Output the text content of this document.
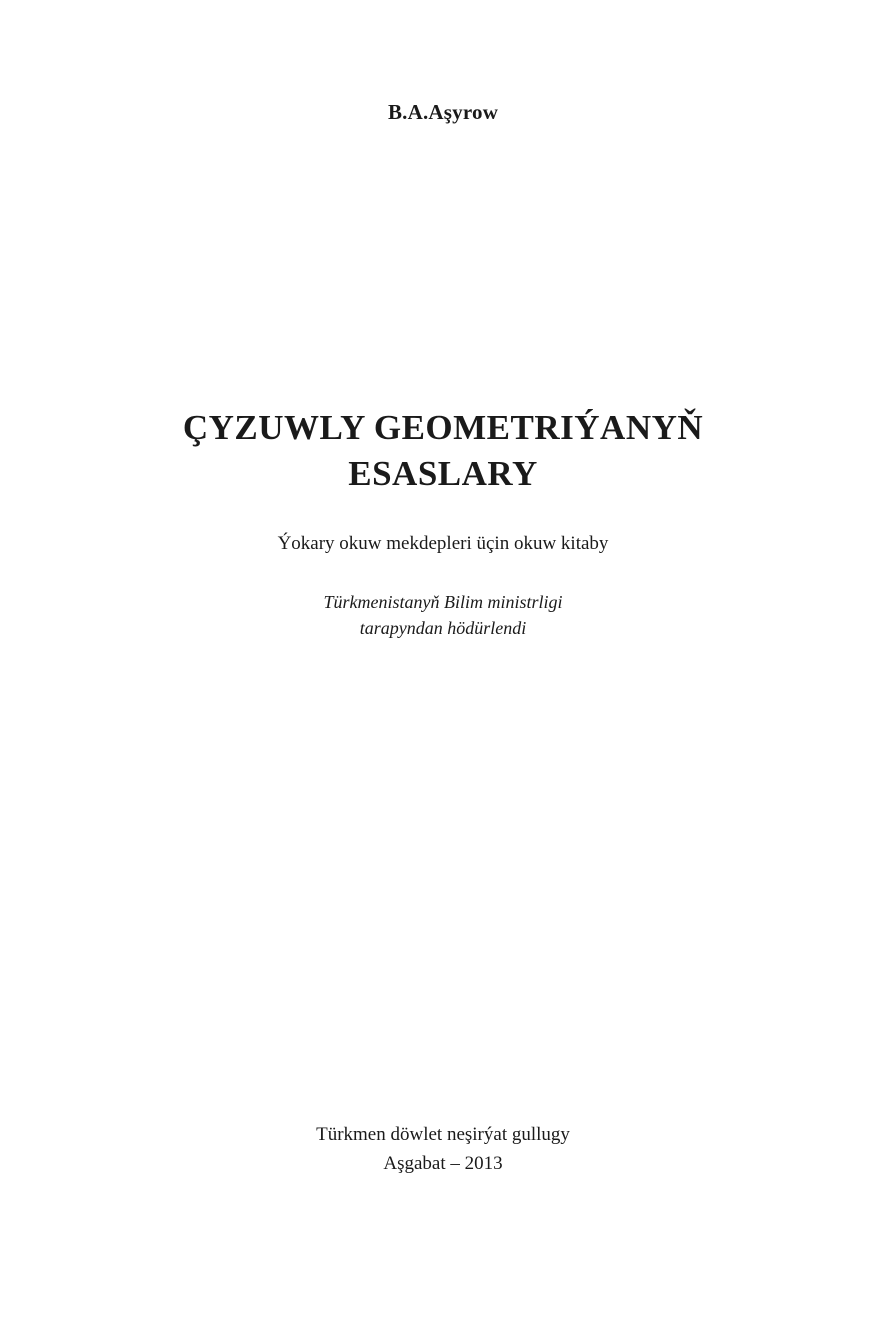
B.A.Aşyrow
ÇYZUWLY GEOMETRIÝANYŇ
ESASLARY
Ýokary okuw mekdepleri üçin okuw kitaby
Türkmenistanyň Bilim ministrligi
tarapyndan hödürlendi
Türkmen döwlet neşirýat gullugy
Aşgabat – 2013
